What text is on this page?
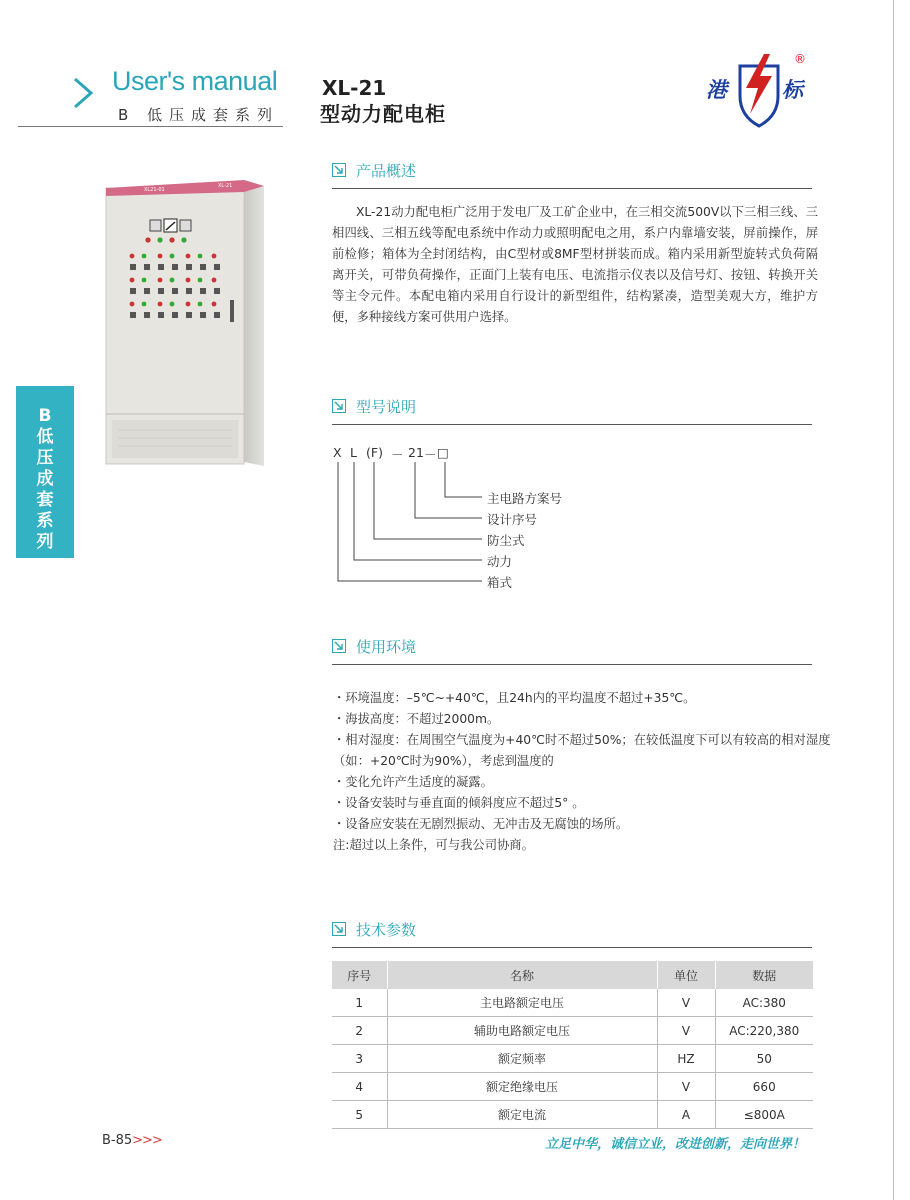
User's manual
B 低压成套系列
XL-21
型动力配电柜
港	标
®
B
低
压
成
套
系
列
XL21-01
XL-21
产品概述
XL-21动力配电柜广泛用于发电厂及工矿企业中，在三相交流500V以下三相三线、三相四线、三相五线等配电系统中作动力或照明配电之用，系户内靠墙安装，屏前操作，屏前检修；箱体为全封闭结构，由C型材或8MF型材拼装而成。箱内采用新型旋转式负荷隔离开关，可带负荷操作，正面门上装有电压、电流指示仪表以及信号灯、按钮、转换开关等主令元件。本配电箱内采用自行设计的新型组件，结构紧凑，造型美观大方，维护方便，多种接线方案可供用户选择。
型号说明
X L (F) － 21 － □
主电路方案号
设计序号
防尘式
动力
箱式
使用环境
・环境温度：–5℃~+40℃，且24h内的平均温度不超过+35℃。
・海拔高度：不超过2000m。
・相对湿度：在周围空气温度为+40℃时不超过50%；在较低温度下可以有较高的相对湿度
（如：+20℃时为90%），考虑到温度的
・变化允许产生适度的凝露。
・设备安装时与垂直面的倾斜度应不超过5° 。
・设备应安装在无剧烈振动、无冲击及无腐蚀的场所。
注:超过以上条件，可与我公司协商。
技术参数
序号	名称	单位	数据
1	主电路额定电压	V	AC:380
2	辅助电路额定电压	V	AC:220,380
3	额定频率	HZ	50
4	额定绝缘电压	V	660
5	额定电流	A	≤800A
B-85>>>	立足中华，诚信立业，改进创新，走向世界！
